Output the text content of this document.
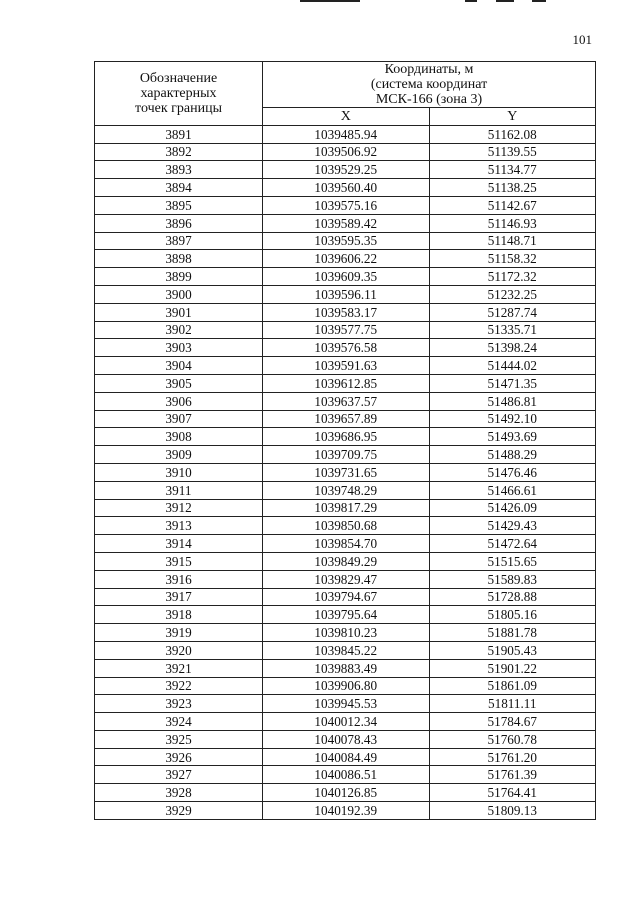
101
Обозначение
характерных
точек границы	Координаты, м
(система координат
МСК-166 (зона 3)	

	X	Y
3891	1039485.94	51162.08
3892	1039506.92	51139.55
3893	1039529.25	51134.77
3894	1039560.40	51138.25
3895	1039575.16	51142.67
3896	1039589.42	51146.93
3897	1039595.35	51148.71
3898	1039606.22	51158.32
3899	1039609.35	51172.32
3900	1039596.11	51232.25
3901	1039583.17	51287.74
3902	1039577.75	51335.71
3903	1039576.58	51398.24
3904	1039591.63	51444.02
3905	1039612.85	51471.35
3906	1039637.57	51486.81
3907	1039657.89	51492.10
3908	1039686.95	51493.69
3909	1039709.75	51488.29
3910	1039731.65	51476.46
3911	1039748.29	51466.61
3912	1039817.29	51426.09
3913	1039850.68	51429.43
3914	1039854.70	51472.64
3915	1039849.29	51515.65
3916	1039829.47	51589.83
3917	1039794.67	51728.88
3918	1039795.64	51805.16
3919	1039810.23	51881.78
3920	1039845.22	51905.43
3921	1039883.49	51901.22
3922	1039906.80	51861.09
3923	1039945.53	51811.11
3924	1040012.34	51784.67
3925	1040078.43	51760.78
3926	1040084.49	51761.20
3927	1040086.51	51761.39
3928	1040126.85	51764.41
3929	1040192.39	51809.13
